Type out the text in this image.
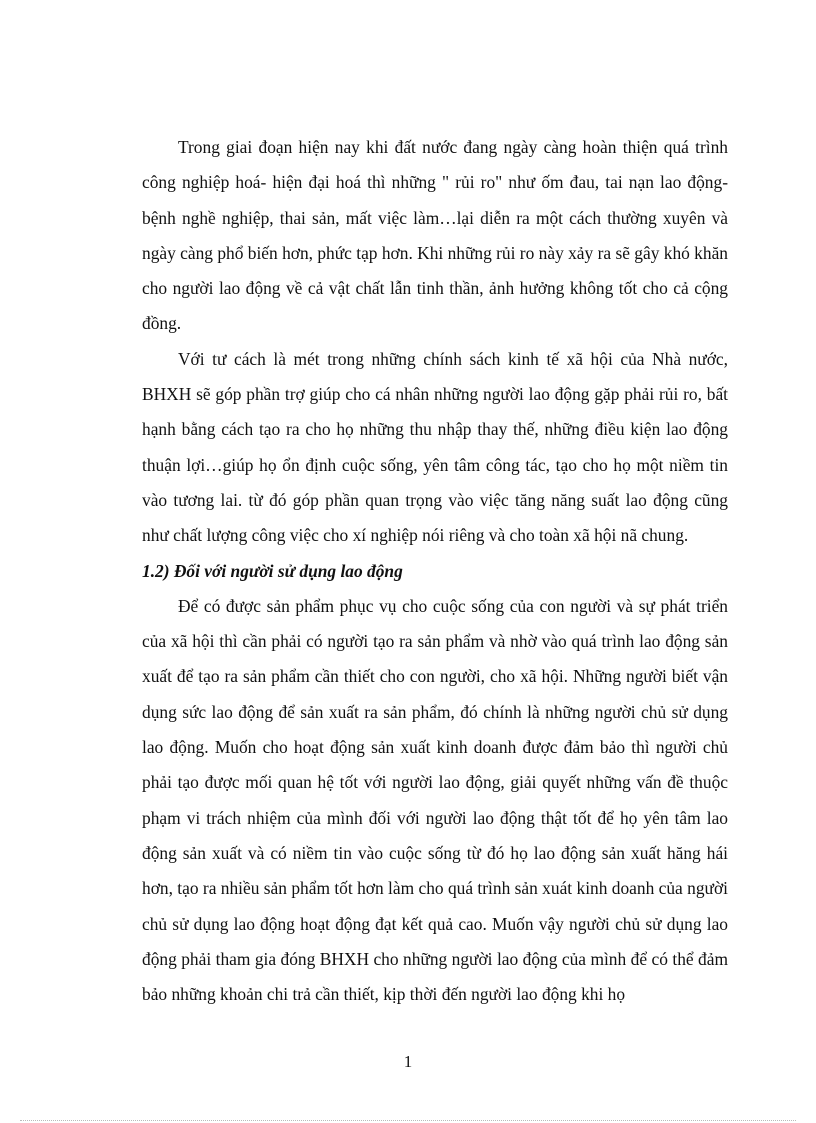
Trong giai đoạn hiện nay khi đất nước đang ngày càng hoàn thiện quá trình công nghiệp hoá- hiện đại hoá thì những " rủi ro" như ốm đau, tai nạn lao động- bệnh nghề nghiệp, thai sản, mất việc làm…lại diễn ra một cách thường xuyên và ngày càng phổ biến hơn, phức tạp hơn. Khi những rủi ro này xảy ra sẽ gây khó khăn cho người lao động về cả vật chất lẫn tinh thần, ảnh hưởng không tốt cho cả cộng đồng.

Với tư cách là mét trong những chính sách kinh tế xã hội của Nhà nước, BHXH sẽ góp phần trợ giúp cho cá nhân những người lao động gặp phải rủi ro, bất hạnh bằng cách tạo ra cho họ những thu nhập thay thế, những điều kiện lao động thuận lợi…giúp họ ổn định cuộc sống, yên tâm công tác, tạo cho họ một niềm tin vào tương lai. từ đó góp phần quan trọng vào việc tăng năng suất lao động cũng như chất lượng công việc cho xí nghiệp nói riêng và cho toàn xã hội nã chung.

1.2) Đối với người sử dụng lao động

Để có được sản phẩm phục vụ cho cuộc sống của con người và sự phát triển của xã hội thì cần phải có người tạo ra sản phẩm và nhờ vào quá trình lao động sản xuất để tạo ra sản phẩm cần thiết cho con người, cho xã hội. Những người biết vận dụng sức lao động để sản xuất ra sản phẩm, đó chính là những người chủ sử dụng lao động. Muốn cho hoạt động sản xuất kinh doanh được đảm bảo thì người chủ phải tạo được mối quan hệ tốt với người lao động, giải quyết những vấn đề thuộc phạm vi trách nhiệm của mình đối với người lao động thật tốt để họ yên tâm lao động sản xuất và có niềm tin vào cuộc sống từ đó họ lao động sản xuất hăng hái hơn, tạo ra nhiều sản phẩm tốt hơn làm cho quá trình sản xuát kinh doanh của người chủ sử dụng lao động hoạt động đạt kết quả cao. Muốn vậy người chủ sử dụng lao động phải tham gia đóng BHXH cho những người lao động của mình để có thể đảm bảo những khoản chi trả cần thiết, kịp thời đến người lao động khi họ

1
